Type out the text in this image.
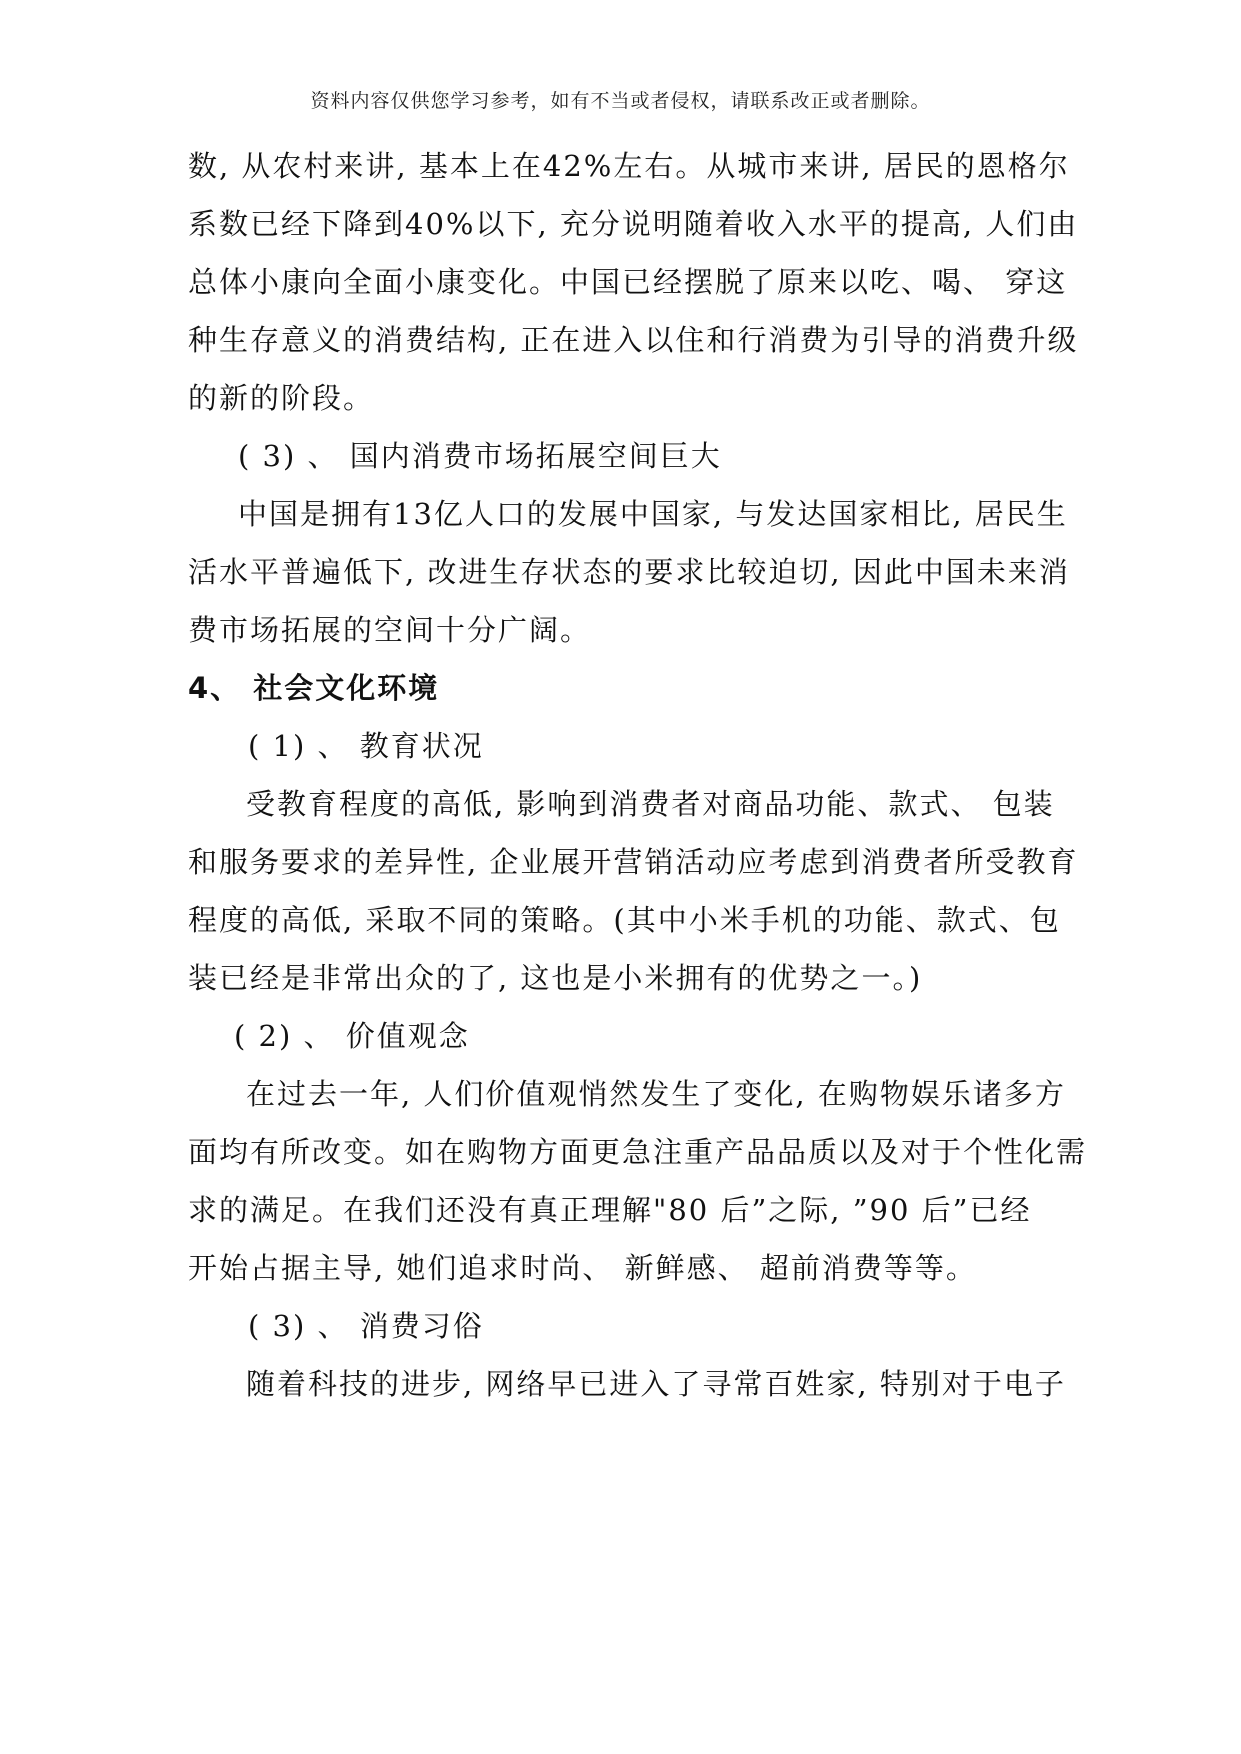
资料内容仅供您学习参考，如有不当或者侵权，请联系改正或者删除。
数, 从农村来讲, 基本上在42%左右。从城市来讲, 居民的恩格尔
系数已经下降到40%以下, 充分说明随着收入水平的提高, 人们由
总体小康向全面小康变化。中国已经摆脱了原来以吃、喝、 穿这
种生存意义的消费结构, 正在进入以住和行消费为引导的消费升级
的新的阶段。
( 3) 、 国内消费市场拓展空间巨大
中国是拥有13亿人口的发展中国家, 与发达国家相比, 居民生
活水平普遍低下, 改进生存状态的要求比较迫切, 因此中国未来消
费市场拓展的空间十分广阔。
4、 社会文化环境
( 1) 、 教育状况
受教育程度的高低, 影响到消费者对商品功能、款式、 包装
和服务要求的差异性, 企业展开营销活动应考虑到消费者所受教育
程度的高低, 采取不同的策略。(其中小米手机的功能、款式、包
装已经是非常出众的了, 这也是小米拥有的优势之一。)
( 2) 、 价值观念
在过去一年, 人们价值观悄然发生了变化, 在购物娱乐诸多方
面均有所改变。如在购物方面更急注重产品品质以及对于个性化需
求的满足。在我们还没有真正理解"80 后”之际, ”90 后”已经
开始占据主导, 她们追求时尚、 新鲜感、 超前消费等等。
( 3) 、 消费习俗
随着科技的进步, 网络早已进入了寻常百姓家, 特别对于电子
